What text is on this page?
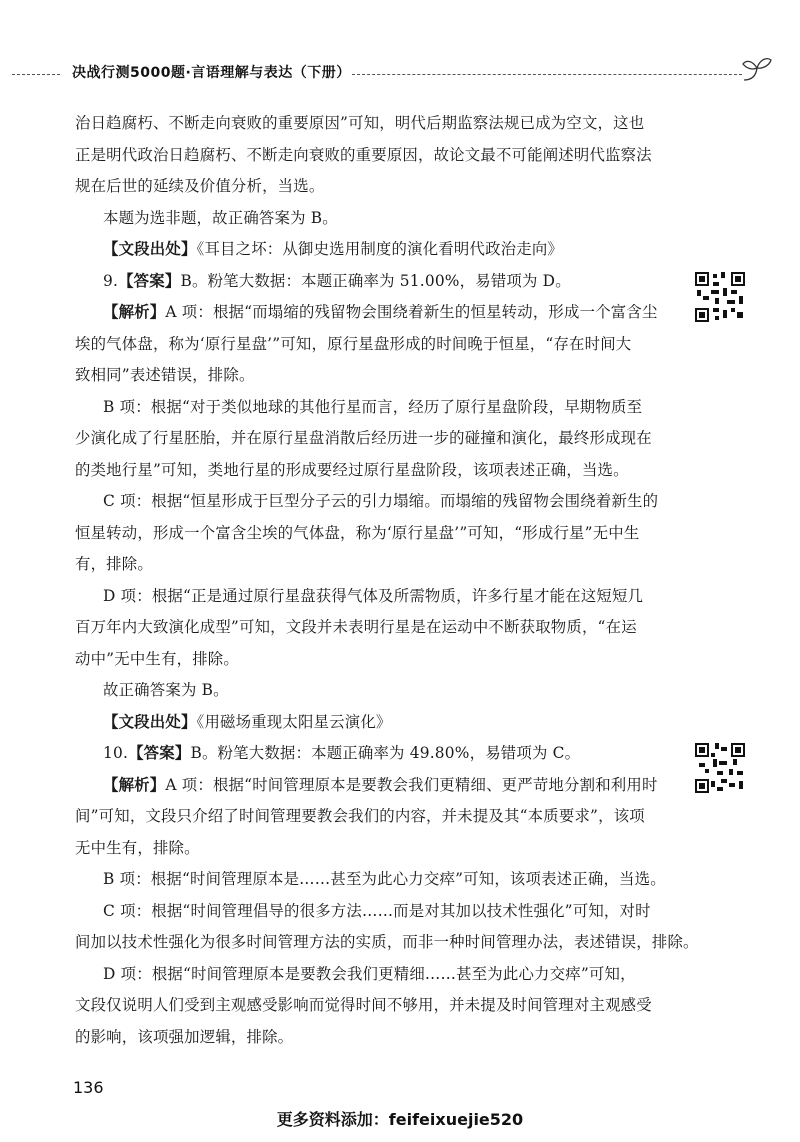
决战行测5000题·言语理解与表达（下册）

治日趋腐朽、不断走向衰败的重要原因”可知，明代后期监察法规已成为空文，这也

正是明代政治日趋腐朽、不断走向衰败的重要原因，故论文最不可能阐述明代监察法

规在后世的延续及价值分析，当选。

本题为选非题，故正确答案为 B。

【文段出处】《耳目之坏：从御史选用制度的演化看明代政治走向》

9.【答案】B。粉笔大数据：本题正确率为 51.00%，易错项为 D。

【解析】A 项：根据“而塌缩的残留物会围绕着新生的恒星转动，形成一个富含尘

埃的气体盘，称为‘原行星盘’”可知，原行星盘形成的时间晚于恒星，“存在时间大

致相同”表述错误，排除。

B 项：根据“对于类似地球的其他行星而言，经历了原行星盘阶段，早期物质至

少演化成了行星胚胎，并在原行星盘消散后经历进一步的碰撞和演化，最终形成现在

的类地行星”可知，类地行星的形成要经过原行星盘阶段，该项表述正确，当选。

C 项：根据“恒星形成于巨型分子云的引力塌缩。而塌缩的残留物会围绕着新生的

恒星转动，形成一个富含尘埃的气体盘，称为‘原行星盘’”可知，“形成行星”无中生

有，排除。

D 项：根据“正是通过原行星盘获得气体及所需物质，许多行星才能在这短短几

百万年内大致演化成型”可知，文段并未表明行星是在运动中不断获取物质，“在运

动中”无中生有，排除。

故正确答案为 B。

【文段出处】《用磁场重现太阳星云演化》

10.【答案】B。粉笔大数据：本题正确率为 49.80%，易错项为 C。

【解析】A 项：根据“时间管理原本是要教会我们更精细、更严苛地分割和利用时

间”可知，文段只介绍了时间管理要教会我们的内容，并未提及其“本质要求”，该项

无中生有，排除。

B 项：根据“时间管理原本是……甚至为此心力交瘁”可知，该项表述正确，当选。

C 项：根据“时间管理倡导的很多方法……而是对其加以技术性强化”可知，对时

间加以技术性强化为很多时间管理方法的实质，而非一种时间管理办法，表述错误，排除。

D 项：根据“时间管理原本是要教会我们更精细……甚至为此心力交瘁”可知，

文段仅说明人们受到主观感受影响而觉得时间不够用，并未提及时间管理对主观感受

的影响，该项强加逻辑，排除。

136
更多资料添加：feifeixuejie520
